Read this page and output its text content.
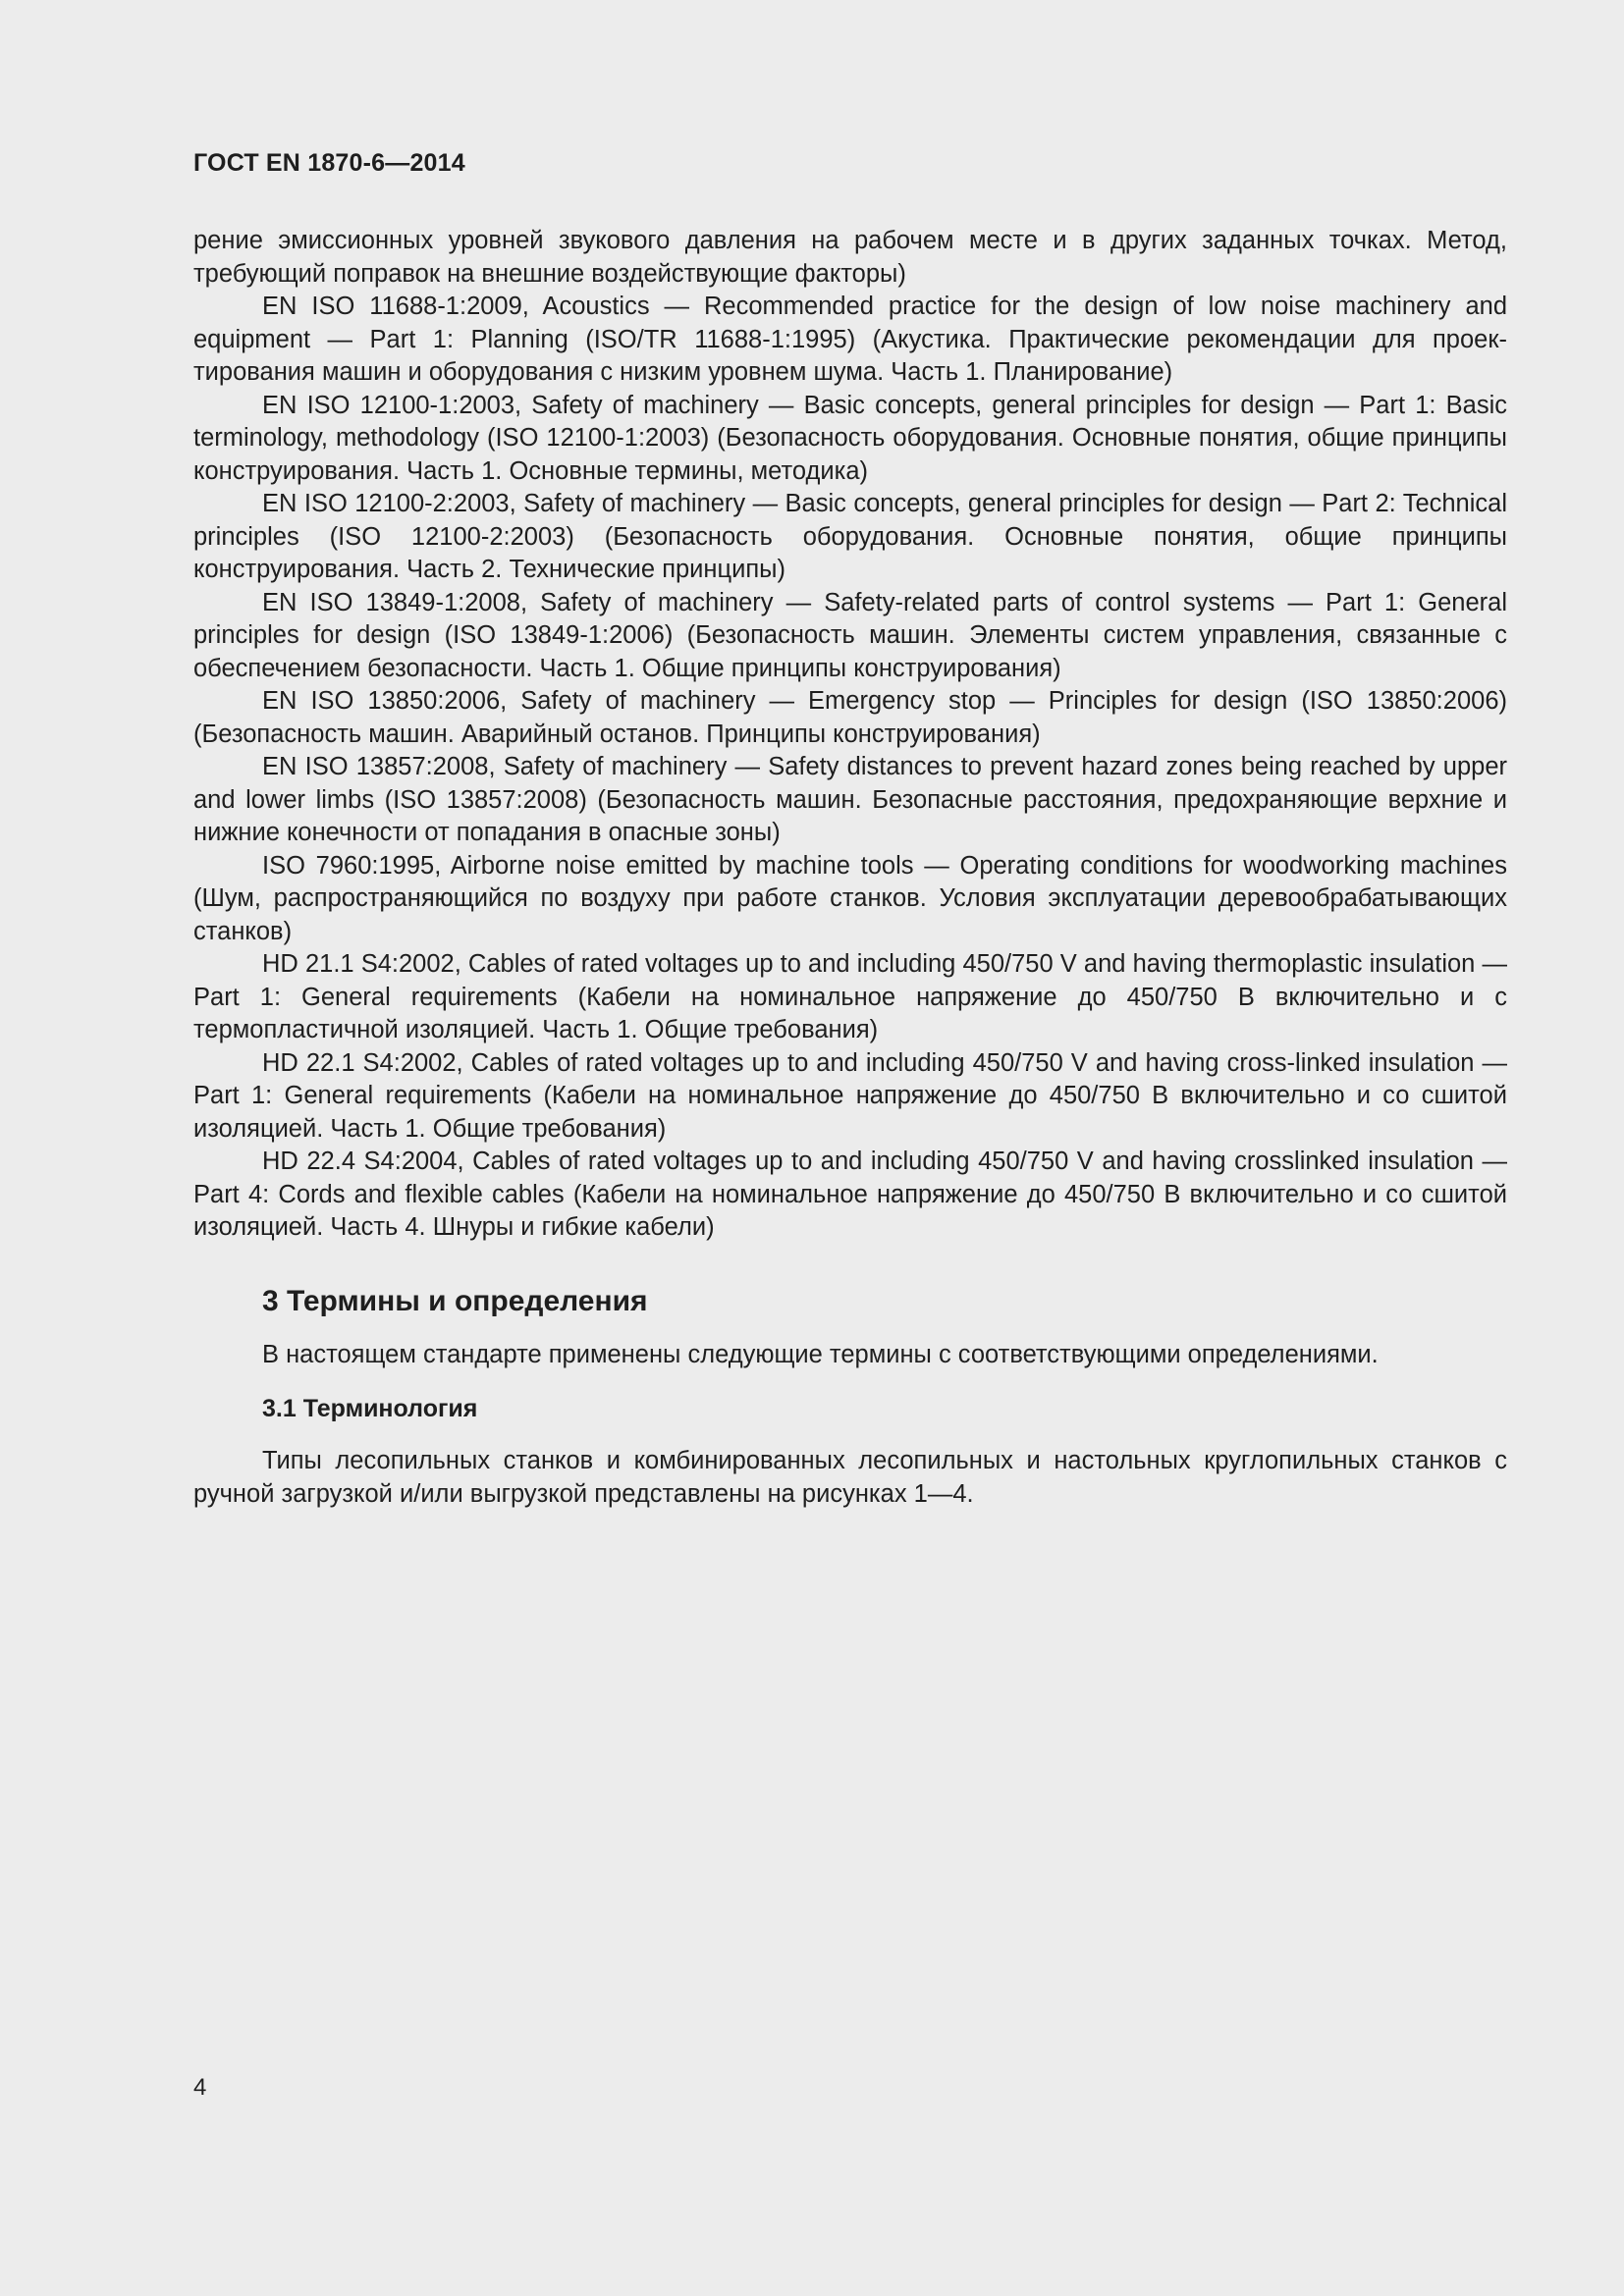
ГОСТ EN 1870-6—2014

рение эмиссионных уровней звукового давления на рабочем месте и в других заданных точках. Метод, требующий поправок на внешние воздействующие факторы)

EN ISO 11688-1:2009, Acoustics — Recommended practice for the design of low noise machinery and equipment — Part 1: Planning (ISO/TR 11688-1:1995) (Акустика. Практические рекомендации для проектирования машин и оборудования с низким уровнем шума. Часть 1. Планирование)

EN ISO 12100-1:2003, Safety of machinery — Basic concepts, general principles for design — Part 1: Basic terminology, methodology (ISO 12100-1:2003) (Безопасность оборудования. Основные понятия, общие принципы конструирования. Часть 1. Основные термины, методика)

EN ISO 12100-2:2003, Safety of machinery — Basic concepts, general principles for design — Part 2: Technical principles (ISO 12100-2:2003) (Безопасность оборудования. Основные понятия, общие принципы конструирования. Часть 2. Технические принципы)

EN ISO 13849-1:2008, Safety of machinery — Safety-related parts of control systems — Part 1: General principles for design (ISO 13849-1:2006) (Безопасность машин. Элементы систем управления, связанные с обеспечением безопасности. Часть 1. Общие принципы конструирования)

EN ISO 13850:2006, Safety of machinery — Emergency stop — Principles for design (ISO 13850:2006) (Безопасность машин. Аварийный останов. Принципы конструирования)

EN ISO 13857:2008, Safety of machinery — Safety distances to prevent hazard zones being reached by upper and lower limbs (ISO 13857:2008) (Безопасность машин. Безопасные расстояния, предохраняющие верхние и нижние конечности от попадания в опасные зоны)

ISO 7960:1995, Airborne noise emitted by machine tools — Operating conditions for woodworking machines (Шум, распространяющийся по воздуху при работе станков. Условия эксплуатации деревообрабатывающих станков)

HD 21.1 S4:2002, Cables of rated voltages up to and including 450/750 V and having thermoplastic insulation — Part 1: General requirements (Кабели на номинальное напряжение до 450/750 В включительно и с термопластичной изоляцией. Часть 1. Общие требования)

HD 22.1 S4:2002, Cables of rated voltages up to and including 450/750 V and having cross-linked insulation — Part 1: General requirements (Кабели на номинальное напряжение до 450/750 В включительно и со сшитой изоляцией. Часть 1. Общие требования)

HD 22.4 S4:2004, Cables of rated voltages up to and including 450/750 V and having crosslinked insulation — Part 4: Cords and flexible cables (Кабели на номинальное напряжение до 450/750 В включительно и со сшитой изоляцией. Часть 4. Шнуры и гибкие кабели)

3 Термины и определения

В настоящем стандарте применены следующие термины с соответствующими определениями.

3.1 Терминология

Типы лесопильных станков и комбинированных лесопильных и настольных круглопильных станков с ручной загрузкой и/или выгрузкой представлены на рисунках 1—4.

4
